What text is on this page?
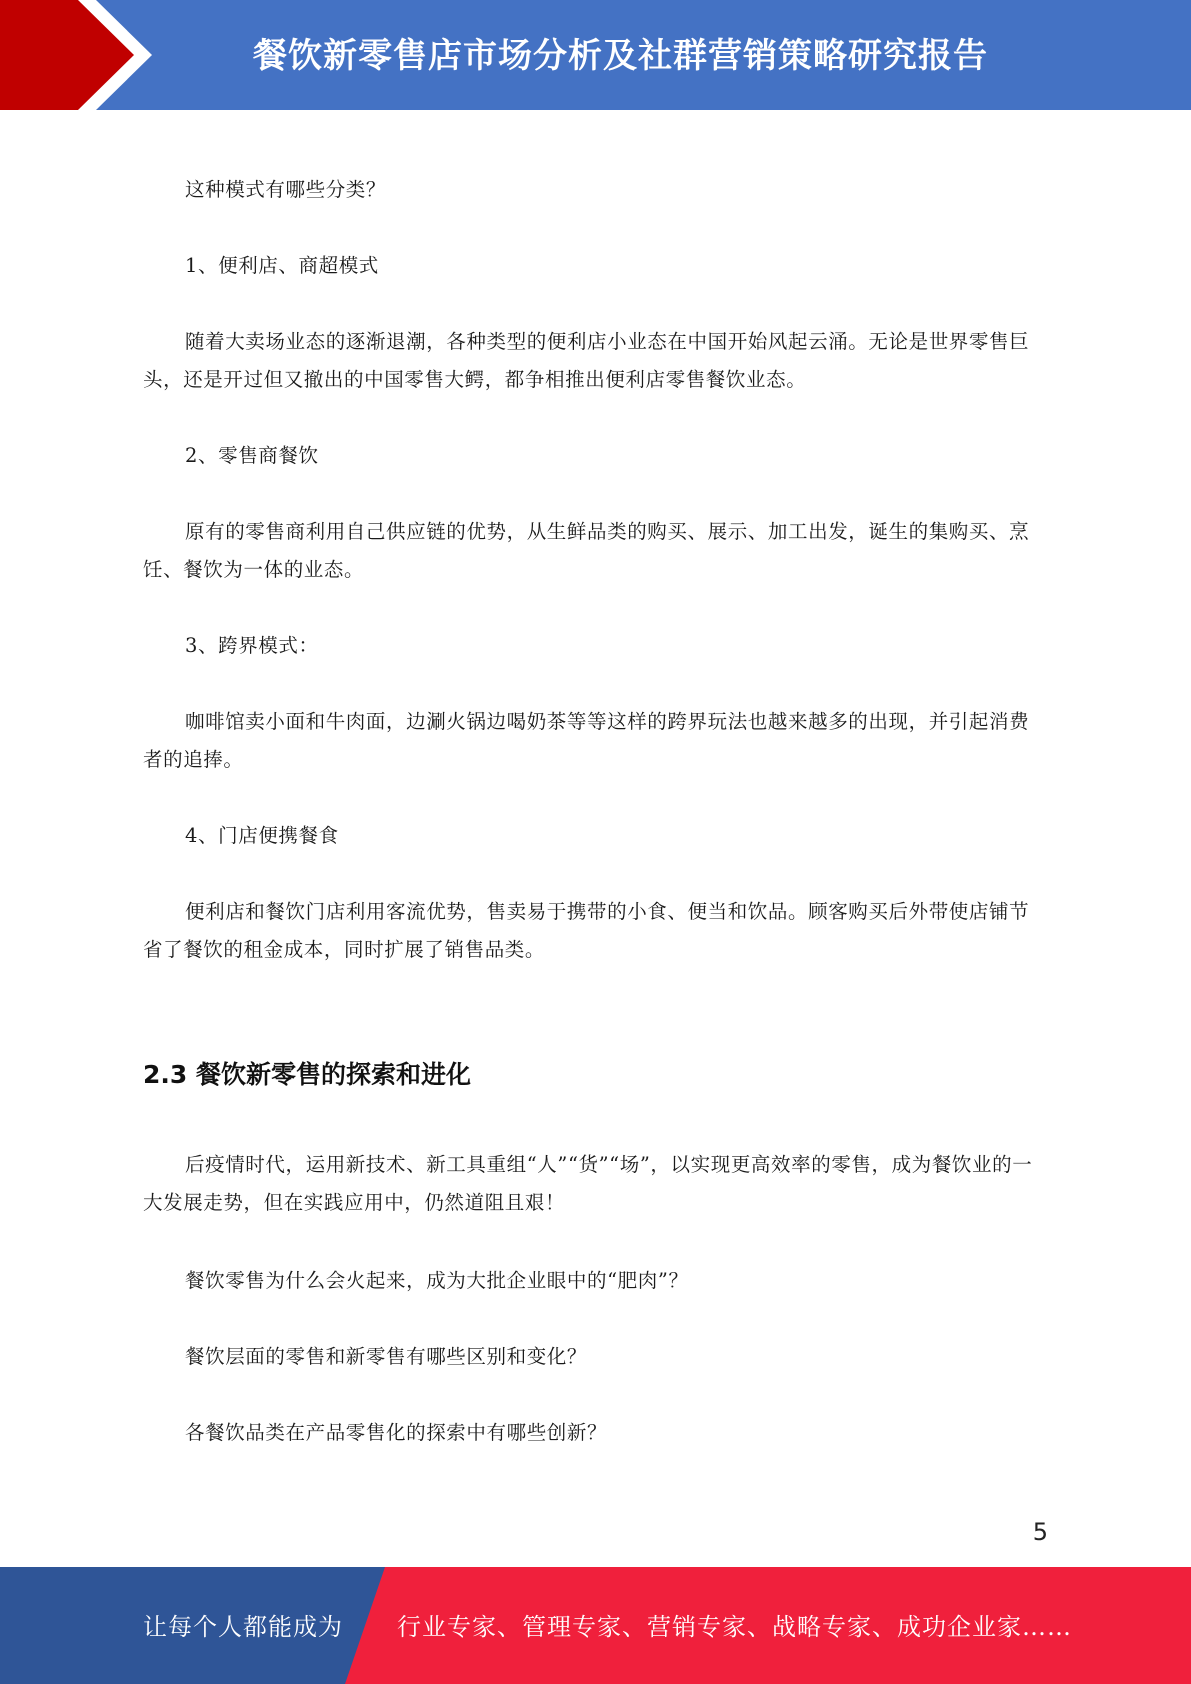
餐饮新零售店市场分析及社群营销策略研究报告

这种模式有哪些分类？

1、便利店、商超模式

随着大卖场业态的逐渐退潮，各种类型的便利店小业态在中国开始风起云涌。无论是世界零售巨头，还是开过但又撤出的中国零售大鳄，都争相推出便利店零售餐饮业态。

2、零售商餐饮

原有的零售商利用自己供应链的优势，从生鲜品类的购买、展示、加工出发，诞生的集购买、烹饪、餐饮为一体的业态。

3、跨界模式：

咖啡馆卖小面和牛肉面，边涮火锅边喝奶茶等等这样的跨界玩法也越来越多的出现，并引起消费者的追捧。

4、门店便携餐食

便利店和餐饮门店利用客流优势，售卖易于携带的小食、便当和饮品。顾客购买后外带使店铺节省了餐饮的租金成本，同时扩展了销售品类。

2.3 餐饮新零售的探索和进化

后疫情时代，运用新技术、新工具重组“人”“货”“场”，以实现更高效率的零售，成为餐饮业的一大发展走势，但在实践应用中，仍然道阻且艰！

餐饮零售为什么会火起来，成为大批企业眼中的“肥肉”？

餐饮层面的零售和新零售有哪些区别和变化？

各餐饮品类在产品零售化的探索中有哪些创新？

5
让每个人都能成为 行业专家、管理专家、营销专家、战略专家、成功企业家……
